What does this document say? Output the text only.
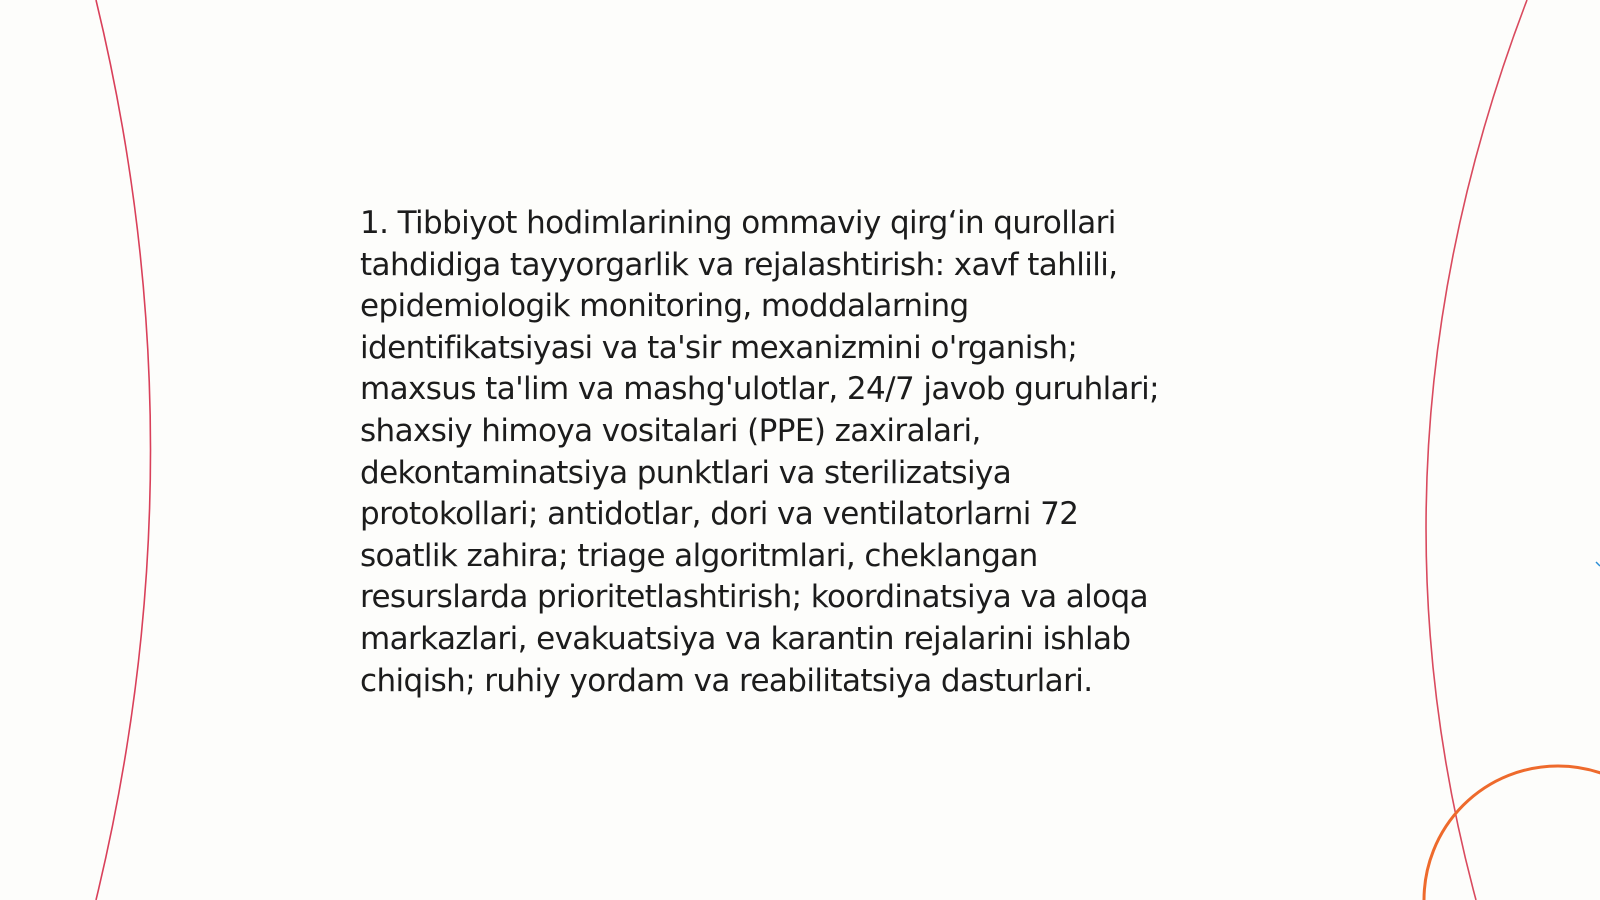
1. Tibbiyot hodimlarining ommaviy qirg‘in qurollari
tahdidiga tayyorgarlik va rejalashtirish: xavf tahlili,
epidemiologik monitoring, moddalarning
identifikatsiyasi va ta'sir mexanizmini o'rganish;
maxsus ta'lim va mashg'ulotlar, 24/7 javob guruhlari;
shaxsiy himoya vositalari (PPE) zaxiralari,
dekontaminatsiya punktlari va sterilizatsiya
protokollari; antidotlar, dori va ventilatorlarni 72
soatlik zahira; triage algoritmlari, cheklangan
resurslarda prioritetlashtirish; koordinatsiya va aloqa
markazlari, evakuatsiya va karantin rejalarini ishlab
chiqish; ruhiy yordam va reabilitatsiya dasturlari.
